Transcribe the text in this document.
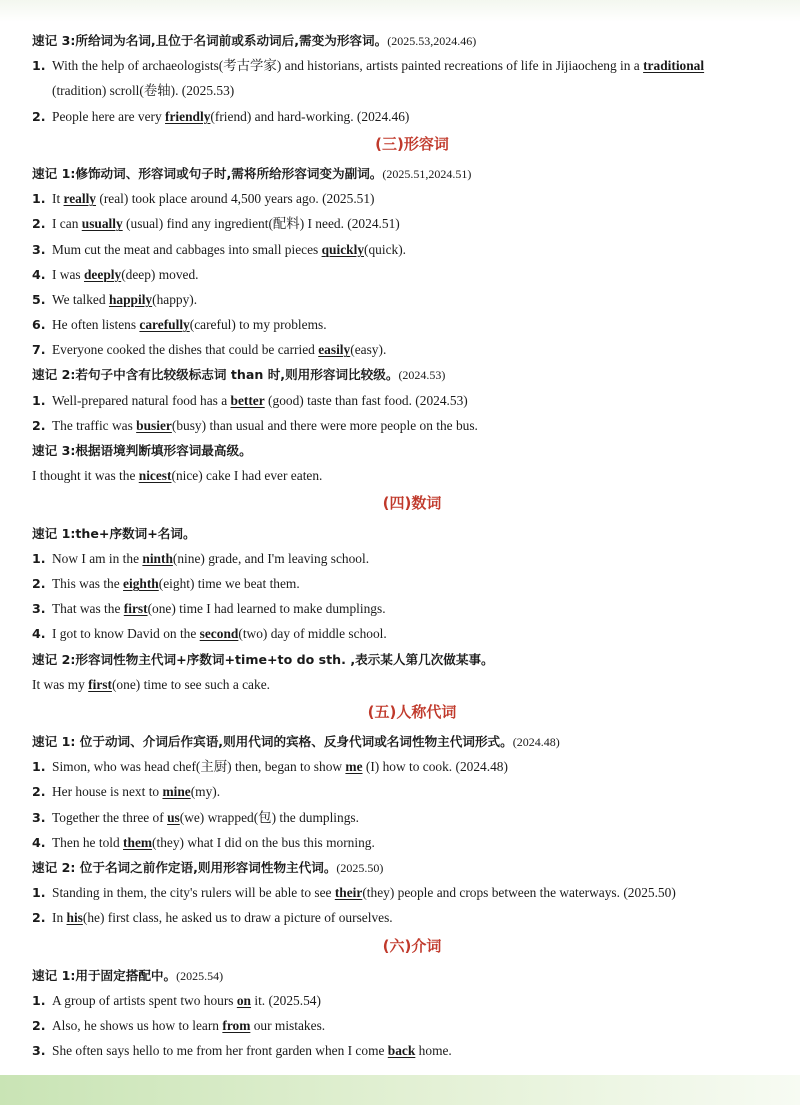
速记 3:所给词为名词,且位于名词前或系动词后,需变为形容词。(2025.53,2024.46)
1. With the help of archaeologists(考古学家) and historians, artists painted recreations of life in Jijiaocheng in a traditional
(tradition) scroll(卷轴). (2025.53)
2. People here are very friendly(friend) and hard-working. (2024.46)
(三)形容词
速记 1:修饰动词、形容词或句子时,需将所给形容词变为副词。(2025.51,2024.51)
1. It really (real) took place around 4,500 years ago. (2025.51)
2. I can usually (usual) find any ingredient(配料) I need. (2024.51)
3. Mum cut the meat and cabbages into small pieces quickly(quick).
4. I was deeply(deep) moved.
5. We talked happily(happy).
6. He often listens carefully(careful) to my problems.
7. Everyone cooked the dishes that could be carried easily(easy).
速记 2:若句子中含有比较级标志词 than 时,则用形容词比较级。(2024.53)
1. Well-prepared natural food has a better (good) taste than fast food. (2024.53)
2. The traffic was busier(busy) than usual and there were more people on the bus.
速记 3:根据语境判断填形容词最高级。
I thought it was the nicest(nice) cake I had ever eaten.
(四)数词
速记 1:the+序数词+名词。
1. Now I am in the ninth(nine) grade, and I'm leaving school.
2. This was the eighth(eight) time we beat them.
3. That was the first(one) time I had learned to make dumplings.
4. I got to know David on the second(two) day of middle school.
速记 2:形容词性物主代词+序数词+time+to do sth. ,表示某人第几次做某事。
It was my first(one) time to see such a cake.
(五)人称代词
速记 1: 位于动词、介词后作宾语,则用代词的宾格、反身代词或名词性物主代词形式。(2024.48)
1. Simon, who was head chef(主厨) then, began to show me (I) how to cook. (2024.48)
2. Her house is next to mine(my).
3. Together the three of us(we) wrapped(包) the dumplings.
4. Then he told them(they) what I did on the bus this morning.
速记 2: 位于名词之前作定语,则用形容词性物主代词。(2025.50)
1. Standing in them, the city's rulers will be able to see their(they) people and crops between the waterways. (2025.50)
2. In his(he) first class, he asked us to draw a picture of ourselves.
(六)介词
速记 1:用于固定搭配中。(2025.54)
1. A group of artists spent two hours on it. (2025.54)
2. Also, he shows us how to learn from our mistakes.
3. She often says hello to me from her front garden when I come back home.
